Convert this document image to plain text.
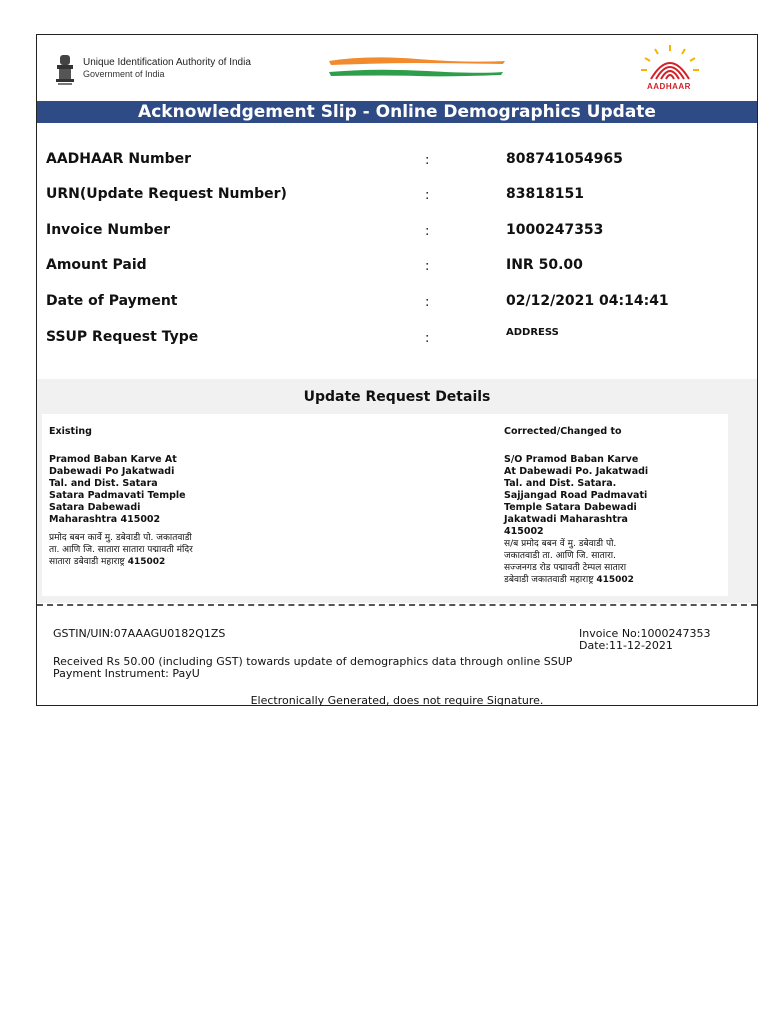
Unique Identification Authority of India
Government of India
AADHAAR
Acknowledgement Slip - Online Demographics Update
AADHAAR Number	:	808741054965
URN(Update Request Number)	:	83818151
Invoice Number	:	1000247353
Amount Paid	:	INR 50.00
Date of Payment	:	02/12/2021 04:14:41
SSUP Request Type	:	ADDRESS
Update Request Details
Existing
Pramod Baban Karve At
Dabewadi Po Jakatwadi
Tal. and Dist. Satara
Satara Padmavati Temple
Satara Dabewadi
Maharashtra 415002
प्रमोद बबन कार्वे मु. डबेवाडी पो. जकातवाडी
ता. आणि जि. सातारा सातारा पद्मावती मंदिर
सातारा डबेवाडी महाराष्ट्र 415002
Corrected/Changed to
S/O Pramod Baban Karve
At Dabewadi Po. Jakatwadi
Tal. and Dist. Satara.
Sajjangad Road Padmavati
Temple Satara Dabewadi
Jakatwadi Maharashtra
415002
स/ब प्रमोद बबन वें मु. डबेवाडी पो.
जकातवाडी ता. आणि जि. सातारा.
सज्जनगड रोड पद्मावती टेम्पल सातारा
डबेवाडी जकातवाडी महाराष्ट्र 415002
GSTIN/UIN:07AAAGU0182Q1ZS	Invoice No:1000247353
Date:11-12-2021
Received Rs 50.00 (including GST) towards update of demographics data through online SSUP
Payment Instrument: PayU
Electronically Generated, does not require Signature.
